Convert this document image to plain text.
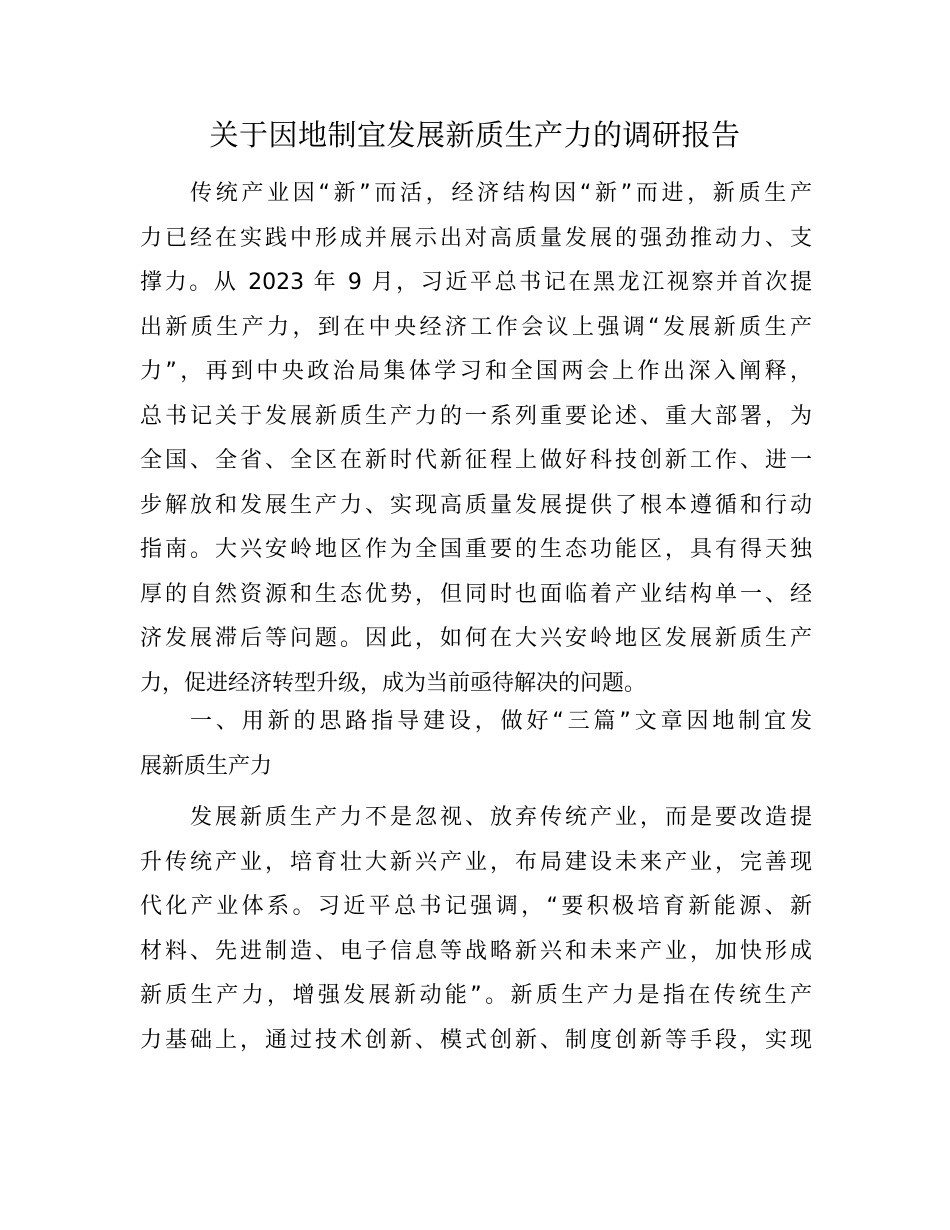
关于因地制宜发展新质生产力的调研报告
传统产业因“新”而活，经济结构因“新”而进，新质生产
力已经在实践中形成并展示出对高质量发展的强劲推动力、支
撑力。从 2023 年 9 月，习近平总书记在黑龙江视察并首次提
出新质生产力，到在中央经济工作会议上强调“发展新质生产
力”，再到中央政治局集体学习和全国两会上作出深入阐释，
总书记关于发展新质生产力的一系列重要论述、重大部署，为
全国、全省、全区在新时代新征程上做好科技创新工作、进一
步解放和发展生产力、实现高质量发展提供了根本遵循和行动
指南。大兴安岭地区作为全国重要的生态功能区，具有得天独
厚的自然资源和生态优势，但同时也面临着产业结构单一、经
济发展滞后等问题。因此，如何在大兴安岭地区发展新质生产
力，促进经济转型升级，成为当前亟待解决的问题。
一、用新的思路指导建设，做好“三篇”文章因地制宜发
展新质生产力
发展新质生产力不是忽视、放弃传统产业，而是要改造提
升传统产业，培育壮大新兴产业，布局建设未来产业，完善现
代化产业体系。习近平总书记强调，“要积极培育新能源、新
材料、先进制造、电子信息等战略新兴和未来产业，加快形成
新质生产力，增强发展新动能”。新质生产力是指在传统生产
力基础上，通过技术创新、模式创新、制度创新等手段，实现
